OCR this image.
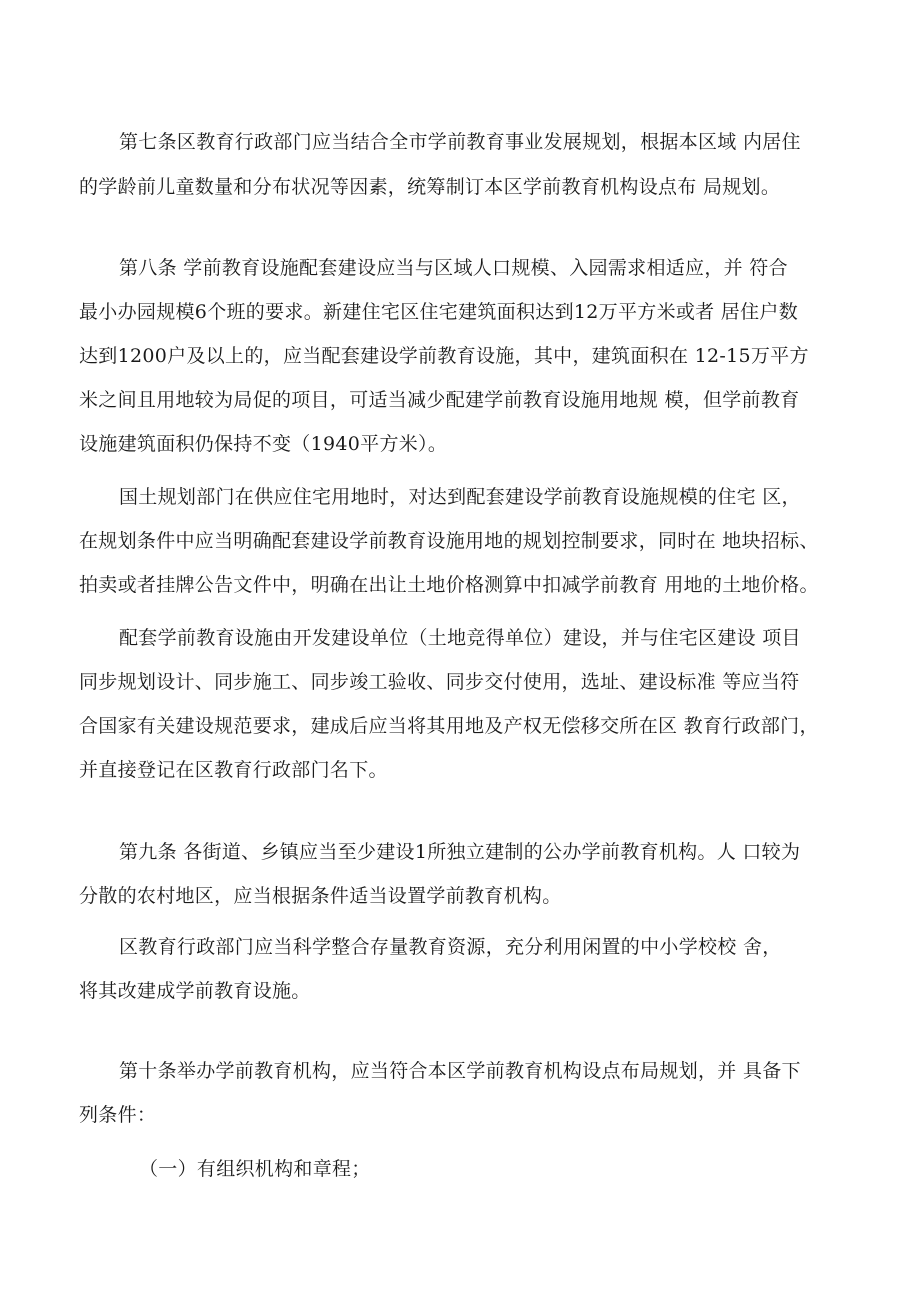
第七条区教育行政部门应当结合全市学前教育事业发展规划，根据本区域 内居住
的学龄前儿童数量和分布状况等因素，统筹制订本区学前教育机构设点布 局规划。
第八条 学前教育设施配套建设应当与区域人口规模、入园需求相适应，并 符合
最小办园规模6个班的要求。新建住宅区住宅建筑面积达到12万平方米或者 居住户数
达到1200户及以上的，应当配套建设学前教育设施，其中，建筑面积在 12-15万平方
米之间且用地较为局促的项目，可适当减少配建学前教育设施用地规 模，但学前教育
设施建筑面积仍保持不变（1940平方米）。
国土规划部门在供应住宅用地时，对达到配套建设学前教育设施规模的住宅 区，
在规划条件中应当明确配套建设学前教育设施用地的规划控制要求，同时在 地块招标、
拍卖或者挂牌公告文件中，明确在出让土地价格测算中扣减学前教育 用地的土地价格。
配套学前教育设施由开发建设单位（土地竞得单位）建设，并与住宅区建设 项目
同步规划设计、同步施工、同步竣工验收、同步交付使用，选址、建设标准 等应当符
合国家有关建设规范要求，建成后应当将其用地及产权无偿移交所在区 教育行政部门，
并直接登记在区教育行政部门名下。
第九条 各街道、乡镇应当至少建设1所独立建制的公办学前教育机构。人 口较为
分散的农村地区，应当根据条件适当设置学前教育机构。
区教育行政部门应当科学整合存量教育资源，充分利用闲置的中小学校校 舍，
将其改建成学前教育设施。
第十条举办学前教育机构，应当符合本区学前教育机构设点布局规划，并 具备下
列条件：
（一）有组织机构和章程；
